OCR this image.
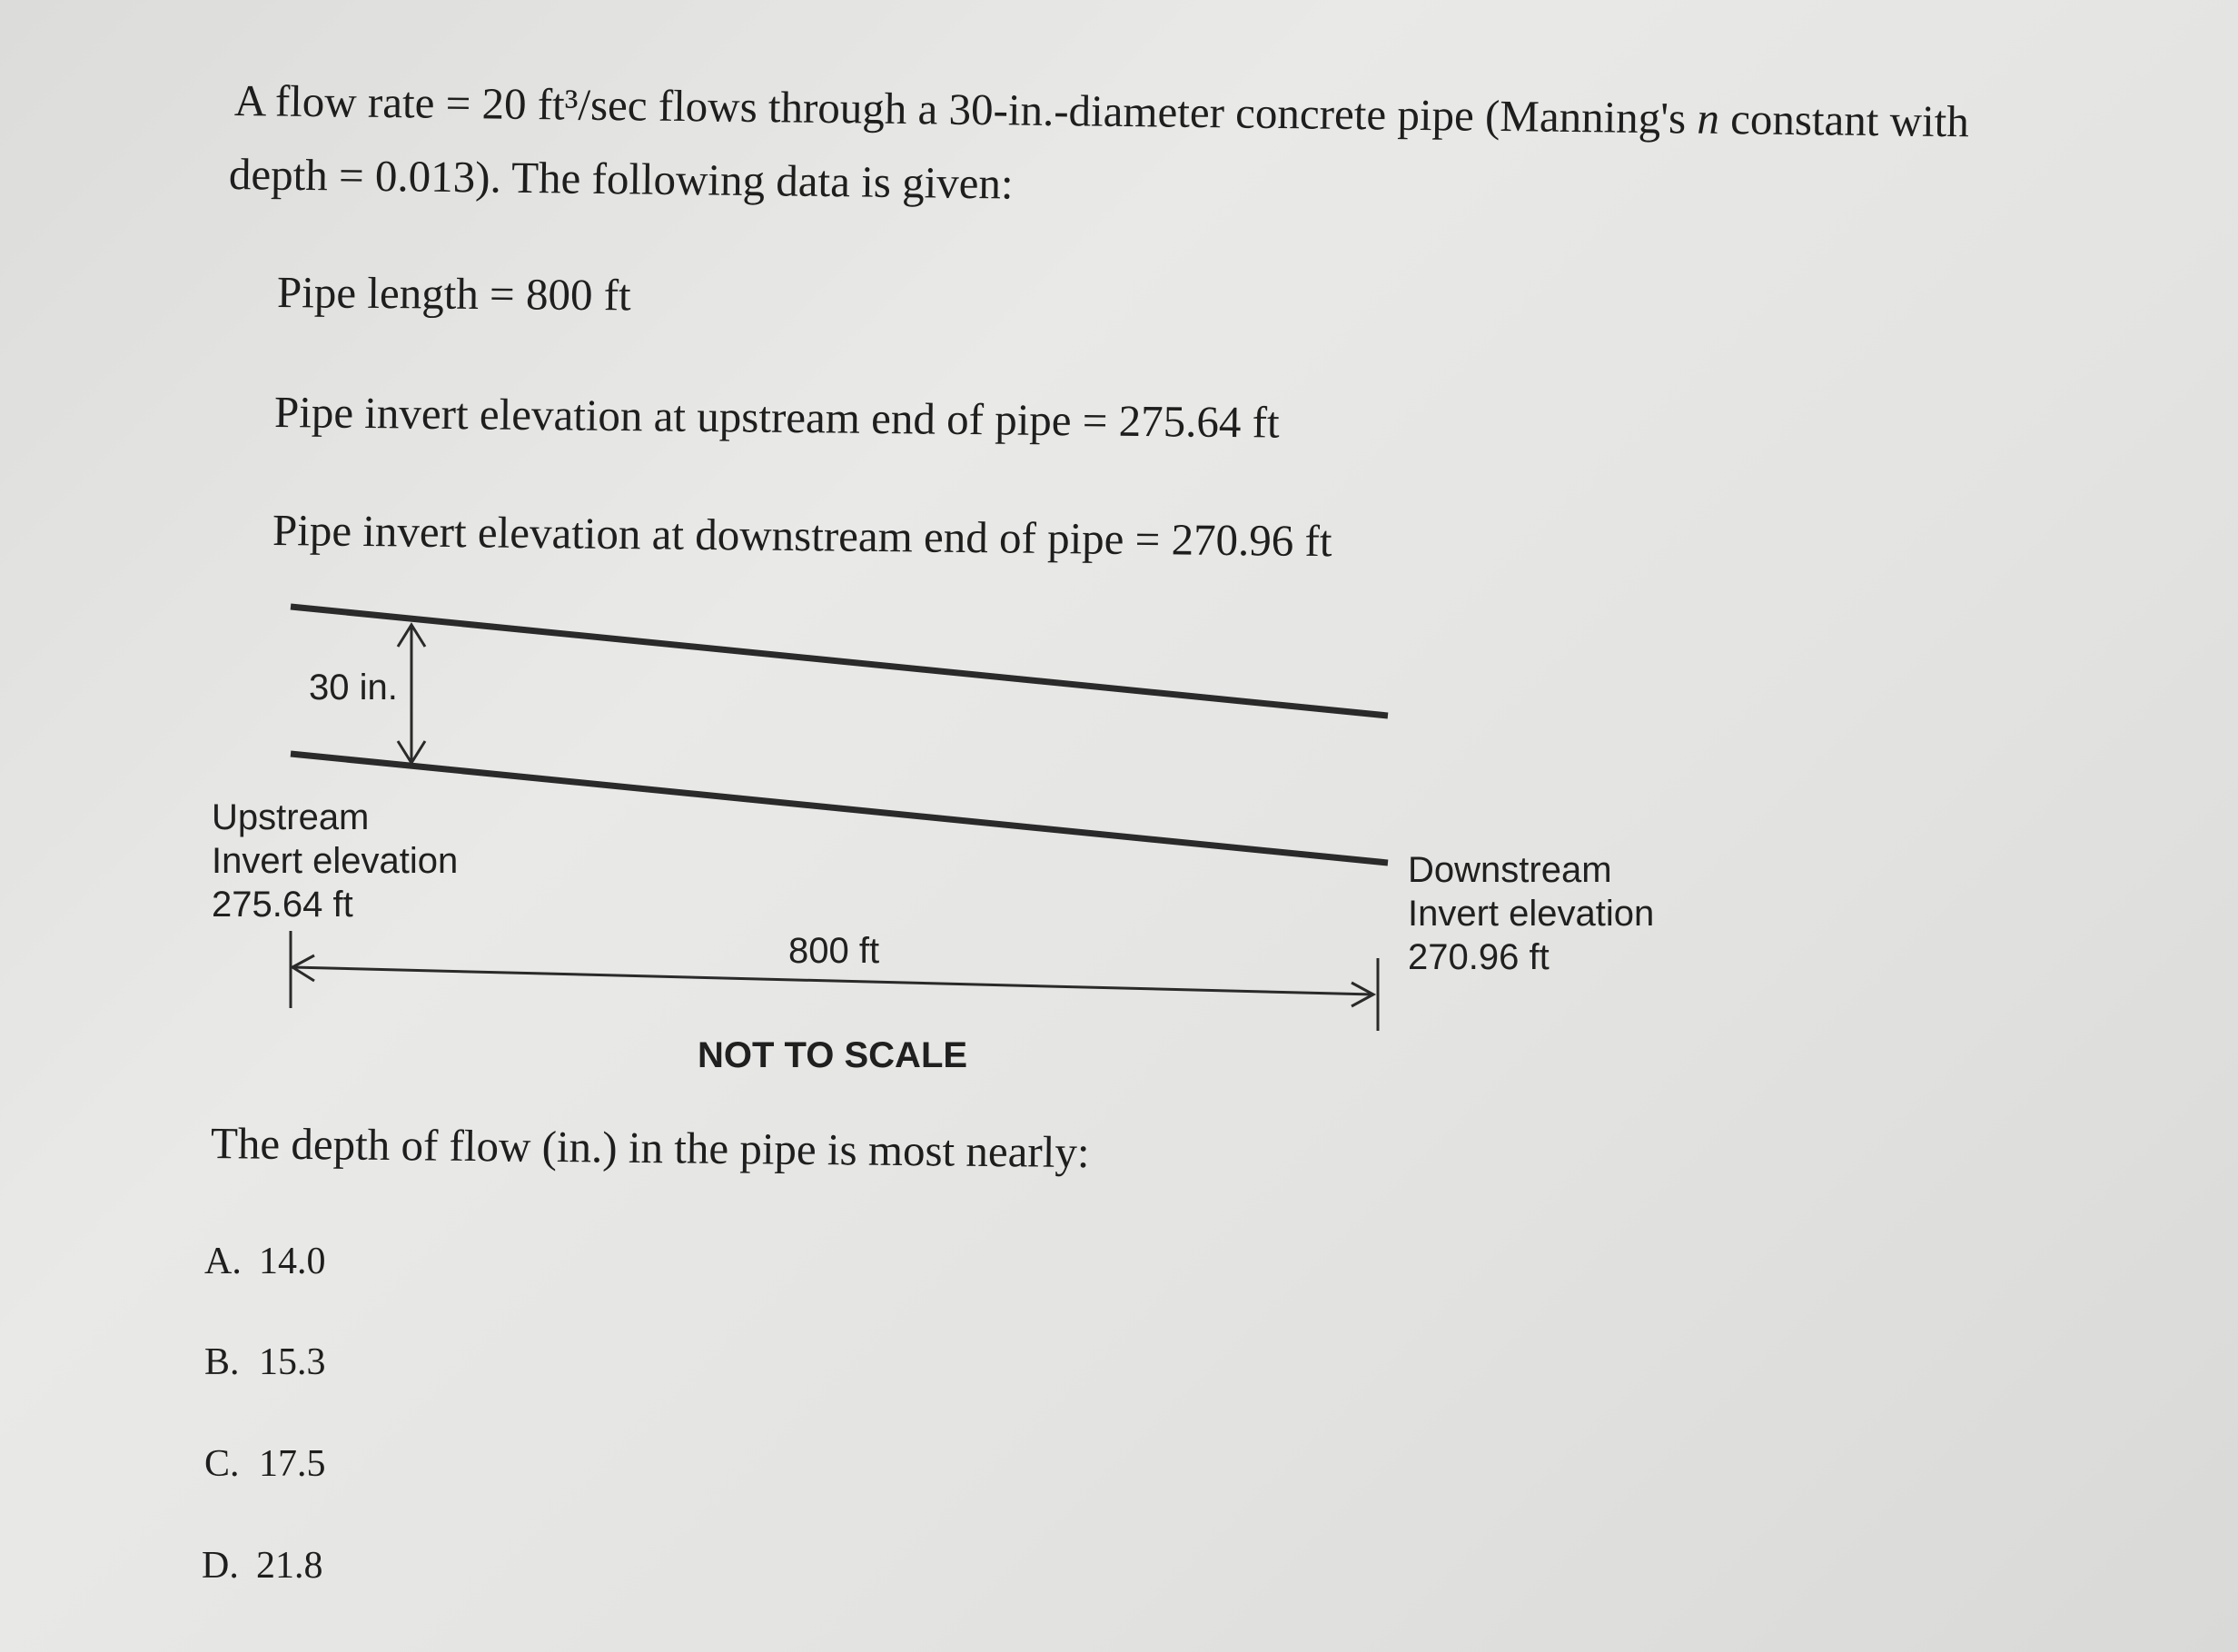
A flow rate = 20 ft³/sec flows through a 30-in.-diameter concrete pipe (Manning's n constant with
depth = 0.013). The following data is given:
Pipe length = 800 ft
Pipe invert elevation at upstream end of pipe = 275.64 ft
Pipe invert elevation at downstream end of pipe = 270.96 ft
30 in.
Upstream
Invert elevation
275.64 ft
Downstream
Invert elevation
270.96 ft
800 ft
NOT TO SCALE
The depth of flow (in.) in the pipe is most nearly:
A. 14.0
B. 15.3
C. 17.5
D. 21.8
